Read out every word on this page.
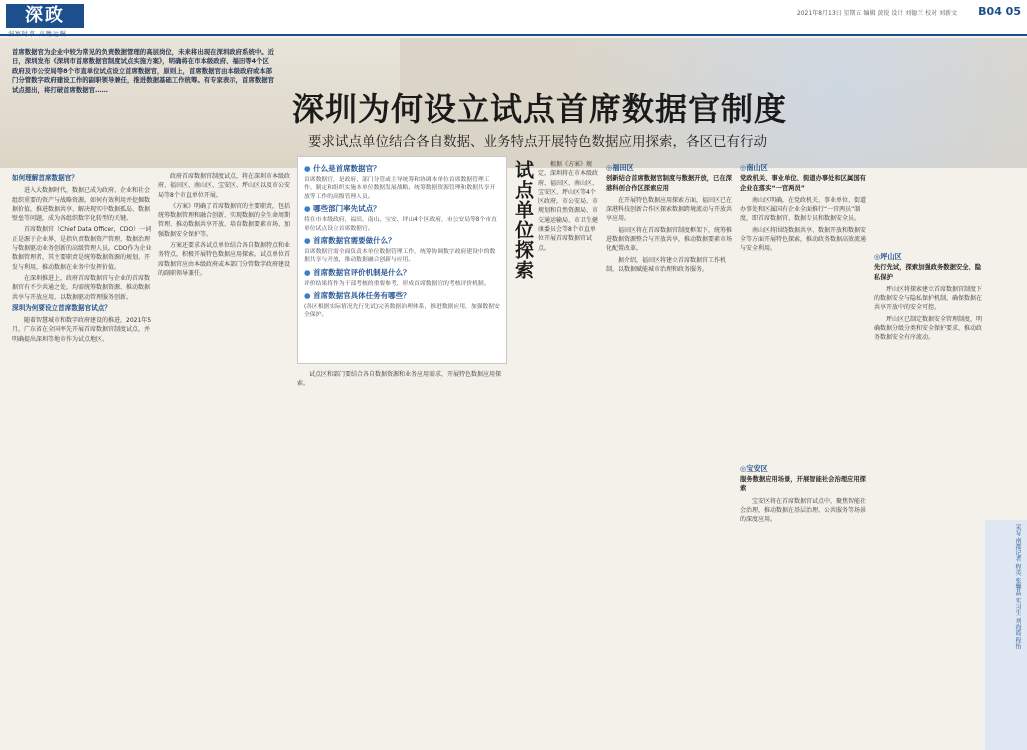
深政
洞察时事 高瞻远瞩
2021年8月13日 星期五 编辑 黄锐 设计 刘德兰 校对 刘新文 B04 05
首席数据官为企业中较为常见的负责数据管理的高层岗位，未来将出现在深圳政府系统中。近日，深圳发布《深圳市首席数据官制度试点实施方案》，明确将在市本级政府、福田等4个区政府及市公安局等8个市直单位试点设立首席数据官，原则上，首席数据官由本级政府或本部门分管数字政府建设工作的副职领导兼任，推进数据基础工作统筹。有专家表示，首席数据官试点提出，将打破首席数据官……
深圳为何设立试点首席数据官制度
要求试点单位结合各自数据、业务特点开展特色数据应用探索，各区已有行动
如何理解首席数据官？

进入大数据时代，数据已成为政府、企业和社会组织重要的资产与战略资源。如何有效利用并挖掘数据价值，推进数据共享、解决现实中数据孤岛、数据壁垒等问题，成为各组织数字化转型的关键。

首席数据官（Chief Data Officer，CDO）一词正是源于企业界，是指负责数据资产管理、数据治理与数据驱动业务创新的高级管理人员。CDO作为企业数据管理者，其主要职责是统筹数据资源的规划、开发与利用，推动数据在业务中发挥价值。

在深圳推进上，政府首席数据官与企业的首席数据官有不少共通之处，均需统筹数据资源、推动数据共享与开放应用，以数据驱动管理服务创新。

深圳为何要设立首席数据官试点？

随着智慧城市和数字政府建设的推进，2021年5月，广东省在全国率先开展首席数据官制度试点，并明确提出深圳等地市作为试点地区。

政府首席数据官制度试点，将在深圳市本级政府、福田区、南山区、宝安区、坪山区以及市公安局等8个市直单位开展。

《方案》明确了首席数据官的主要职责，包括统筹数据管理和融合创新、实现数据的全生命周期管理、推动数据共享开放、培育数据要素市场、加强数据安全保护等。

方案还要求各试点单位结合各自数据特点和业务特点，积极开展特色数据应用探索。试点单位首席数据官应由本级政府或本部门分管数字政府建设的副职领导兼任。

● 什么是首席数据官？
首席数据官，是政府、部门分管或主导统筹和协调本单位首席数据管理工作、制定和组织实施本单位数据发展战略、统筹数据资源管理和数据共享开放等工作的高级管理人员。
● 哪些部门率先试点？
将在市本级政府，福田、南山、宝安、坪山4个区政府，市公安局等8个市直单位试点设立首席数据官。
● 首席数据官需要做什么？
首席数据官需全面负责本单位数据管理工作，统筹协调数字政府建设中的数据共享与开放，推动数据融合创新与应用。
● 首席数据官评价机制是什么？
评价结果将作为干部考核的重要参考，形成首席数据官的考核评价机制。
● 首席数据官具体任务有哪些？
(各区根据实际情况先行先试)完善数据治理体系，推进数据应用，加强数据安全保护。

试点区和部门要结合各自数据资源和业务应用需求，开展特色数据应用探索。

试点单位探索	根据《方案》规定，深圳将在市本级政府、福田区、南山区、宝安区、坪山区等4个区政府，市公安局、市规划和自然资源局、市交通运输局、市卫生健康委员会等8个市直单位开展首席数据官试点。

◎福田区
创新结合首席数据官制度与数据开放，已在深港科创合作区探索应用

在开展特色数据应用探索方面，福田区已在深港科技创新合作区探索数据跨境流动与开放共享应用。

福田区将在首席数据官制度框架下，统筹推进数据资源整合与开放共享，推动数据要素市场化配置改革。

据介绍，福田区将建立首席数据官工作机制，以数据赋能城市治理和政务服务。

◎南山区
党政机关、事业单位、街道办事处和区属国有企业在落实“一官两员”

南山区明确，在党政机关、事业单位、街道办事处和区属国有企业全面推行“一官两员”制度，即首席数据官、数据专员和数据安全员。

南山区将围绕数据共享、数据开放和数据安全等方面开展特色探索，推动政务数据高效流通与安全利用。

◎宝安区
服务数据应用场景，开展智能社会治理应用探索

宝安区将在首席数据官试点中，聚焦智能社会治理，推动数据在基层治理、公共服务等场景的深度应用。

◎坪山区
先行先试，探索加强政务数据安全、隐私保护

坪山区将探索建立首席数据官制度下的数据安全与隐私保护机制，确保数据在共享开放中的安全可控。

坪山区已制定数据安全管理制度，明确数据分级分类和安全保护要求，推动政务数据安全有序流动。

采写 南都记者 程英 张馨晶 实习生 刘海霞 程怡
